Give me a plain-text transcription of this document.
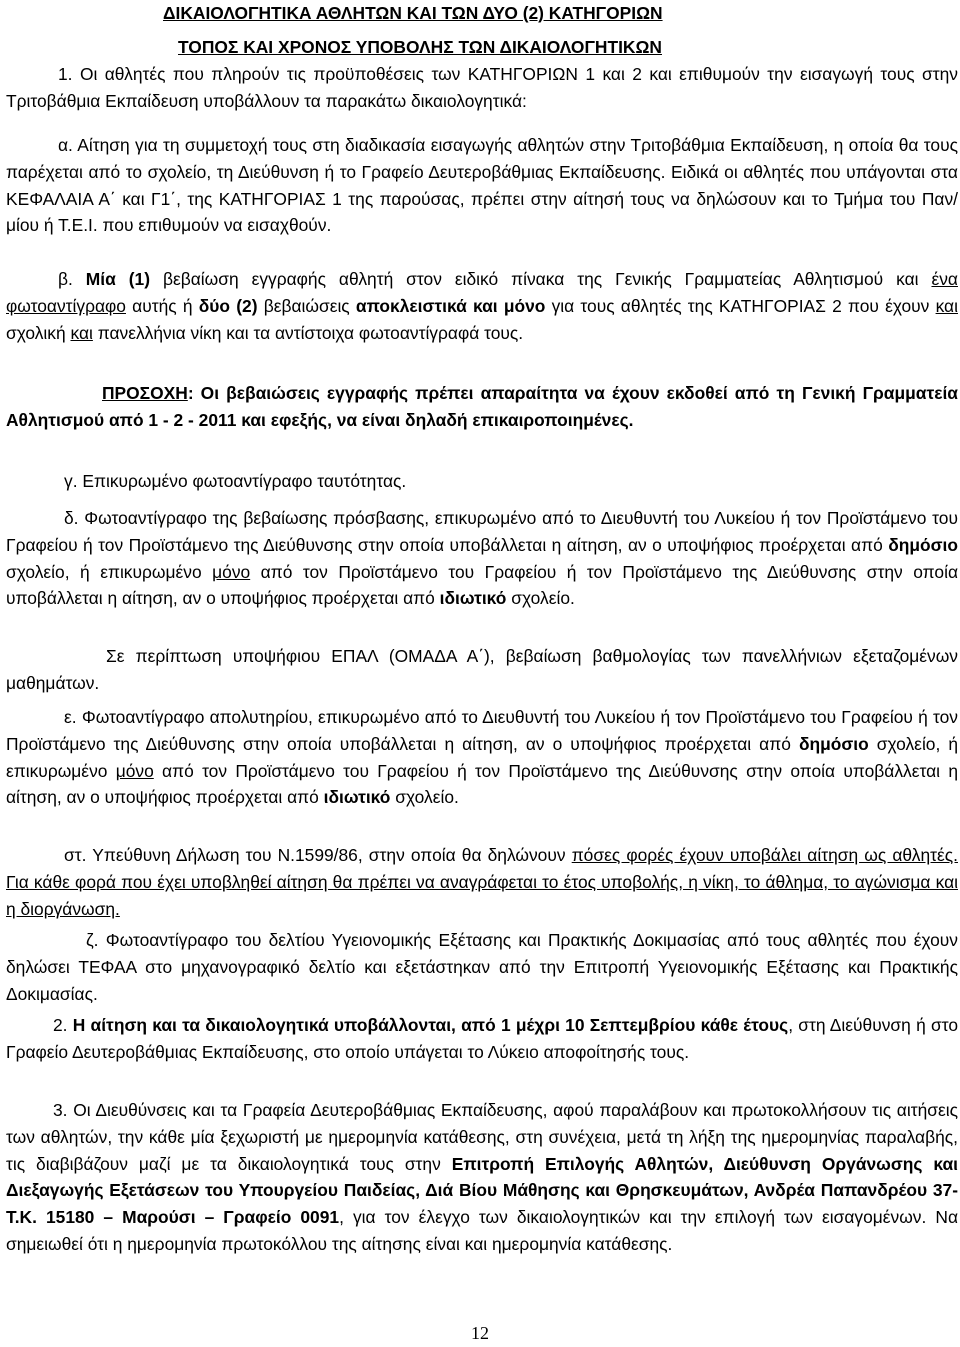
ΔΙΚΑΙΟΛΟΓΗΤΙΚΑ ΑΘΛΗΤΩΝ ΚΑΙ ΤΩΝ ΔΥΟ (2) ΚΑΤΗΓΟΡΙΩΝ

ΤΟΠΟΣ ΚΑΙ ΧΡΟΝΟΣ ΥΠΟΒΟΛΗΣ ΤΩΝ ΔΙΚΑΙΟΛΟΓΗΤΙΚΩΝ

1. Οι αθλητές που πληρούν τις προϋποθέσεις των ΚΑΤΗΓΟΡΙΩΝ 1 και 2 και επιθυμούν την εισαγωγή τους στην Τριτοβάθμια Εκπαίδευση υποβάλλουν τα παρακάτω δικαιολογητικά:

α. Αίτηση για τη συμμετοχή τους στη διαδικασία εισαγωγής αθλητών στην Τριτοβάθμια Εκπαίδευση, η οποία θα τους παρέχεται από το σχολείο, τη Διεύθυνση ή το Γραφείο Δευτεροβάθμιας Εκπαίδευσης. Ειδικά οι αθλητές που υπάγονται στα ΚΕΦΑΛΑΙΑ Α΄ και Γ1΄, της ΚΑΤΗΓΟΡΙΑΣ 1 της παρούσας, πρέπει στην αίτησή τους να δηλώσουν και το Τμήμα του Παν/μίου ή Τ.Ε.Ι. που επιθυμούν να εισαχθούν.

β. Μία (1) βεβαίωση εγγραφής αθλητή στον ειδικό πίνακα της Γενικής Γραμματείας Αθλητισμού και ένα φωτοαντίγραφο αυτής ή δύο (2) βεβαιώσεις αποκλειστικά και μόνο για τους αθλητές της ΚΑΤΗΓΟΡΙΑΣ 2 που έχουν και σχολική και πανελλήνια νίκη και τα αντίστοιχα φωτοαντίγραφά τους.

ΠΡΟΣΟΧΗ: Οι βεβαιώσεις εγγραφής πρέπει απαραίτητα να έχουν εκδοθεί από τη Γενική Γραμματεία Αθλητισμού από 1 - 2 - 2011 και εφεξής, να είναι δηλαδή επικαιροποιημένες.

γ. Επικυρωμένο φωτοαντίγραφο ταυτότητας.

δ. Φωτοαντίγραφο της βεβαίωσης πρόσβασης, επικυρωμένο από το Διευθυντή του Λυκείου ή τον Προϊστάμενο του Γραφείου ή τον Προϊστάμενο της Διεύθυνσης στην οποία υποβάλλεται η αίτηση, αν ο υποψήφιος προέρχεται από δημόσιο σχολείο, ή επικυρωμένο μόνο από τον Προϊστάμενο του Γραφείου ή τον Προϊστάμενο της Διεύθυνσης στην οποία υποβάλλεται η αίτηση, αν ο υποψήφιος προέρχεται από ιδιωτικό σχολείο.

Σε περίπτωση υποψήφιου ΕΠΑΛ (ΟΜΑΔΑ Α΄), βεβαίωση βαθμολογίας των πανελλήνιων εξεταζομένων μαθημάτων.

ε. Φωτοαντίγραφο απολυτηρίου, επικυρωμένο από το Διευθυντή του Λυκείου ή τον Προϊστάμενο του Γραφείου ή τον Προϊστάμενο της Διεύθυνσης στην οποία υποβάλλεται η αίτηση, αν ο υποψήφιος προέρχεται από δημόσιο σχολείο, ή επικυρωμένο μόνο από τον Προϊστάμενο του Γραφείου ή τον Προϊστάμενο της Διεύθυνσης στην οποία υποβάλλεται η αίτηση, αν ο υποψήφιος προέρχεται από ιδιωτικό σχολείο.

στ. Υπεύθυνη Δήλωση του Ν.1599/86, στην οποία θα δηλώνουν πόσες φορές έχουν υποβάλει αίτηση ως αθλητές. Για κάθε φορά που έχει υποβληθεί αίτηση θα πρέπει να αναγράφεται το έτος υποβολής, η νίκη, το άθλημα, το αγώνισμα και η διοργάνωση.

ζ. Φωτοαντίγραφο του δελτίου Υγειονομικής Εξέτασης και Πρακτικής Δοκιμασίας από τους αθλητές που έχουν δηλώσει ΤΕΦΑΑ στο μηχανογραφικό δελτίο και εξετάστηκαν από την Επιτροπή Υγειονομικής Εξέτασης και Πρακτικής Δοκιμασίας.

2. Η αίτηση και τα δικαιολογητικά υποβάλλονται, από 1 μέχρι 10 Σεπτεμβρίου κάθε έτους, στη Διεύθυνση ή στο Γραφείο Δευτεροβάθμιας Εκπαίδευσης, στο οποίο υπάγεται το Λύκειο αποφοίτησής τους.

3. Οι Διευθύνσεις και τα Γραφεία Δευτεροβάθμιας Εκπαίδευσης, αφού παραλάβουν και πρωτοκολλήσουν τις αιτήσεις των αθλητών, την κάθε μία ξεχωριστή με ημερομηνία κατάθεσης, στη συνέχεια, μετά τη λήξη της ημερομηνίας παραλαβής, τις διαβιβάζουν μαζί με τα δικαιολογητικά τους στην Επιτροπή Επιλογής Αθλητών, Διεύθυνση Οργάνωσης και Διεξαγωγής Εξετάσεων του Υπουργείου Παιδείας, Διά Βίου Μάθησης και Θρησκευμάτων, Ανδρέα Παπανδρέου 37- Τ.Κ. 15180 – Μαρούσι – Γραφείο 0091, για τον έλεγχο των δικαιολογητικών και την επιλογή των εισαγομένων. Να σημειωθεί ότι η ημερομηνία πρωτοκόλλου της αίτησης είναι και ημερομηνία κατάθεσης.

12
